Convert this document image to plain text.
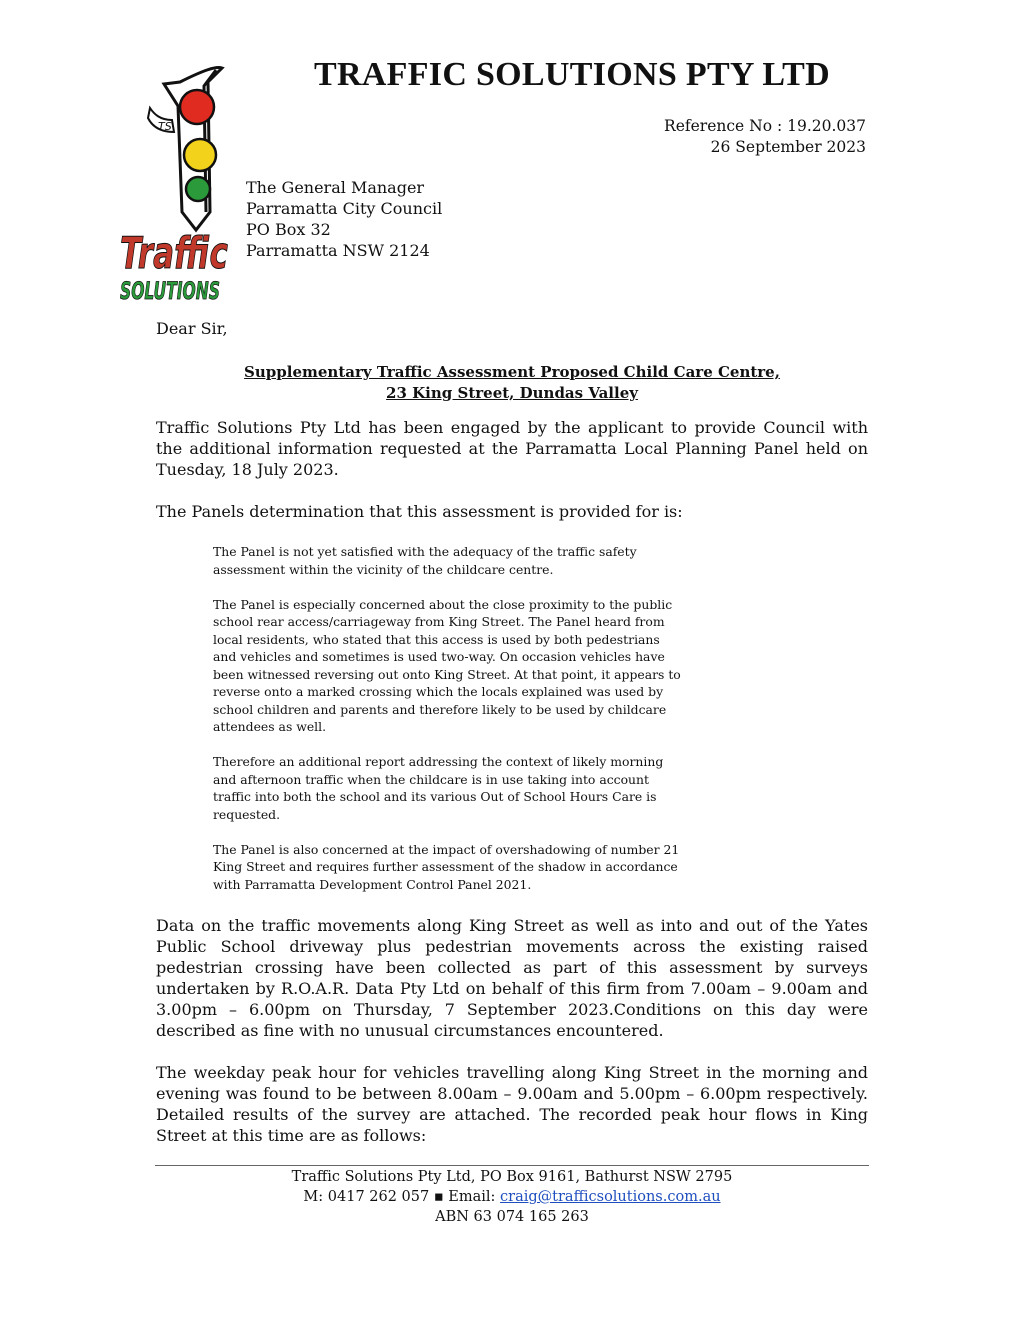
TRAFFIC SOLUTIONS PTY LTD
TS
Traffic
SOLUTIONS
Reference No : 19.20.037
26 September 2023
The General Manager
Parramatta City Council
PO Box 32
Parramatta NSW 2124
Dear Sir,
Supplementary Traffic Assessment Proposed Child Care Centre,
23 King Street, Dundas Valley

Traffic Solutions Pty Ltd has been engaged by the applicant to provide Council with the additional information requested at the Parramatta Local Planning Panel held on Tuesday, 18 July 2023.

The Panels determination that this assessment is provided for is:

The Panel is not yet satisfied with the adequacy of the traffic safety assessment within the vicinity of the childcare centre.

The Panel is especially concerned about the close proximity to the public school rear access/carriageway from King Street. The Panel heard from local residents, who stated that this access is used by both pedestrians and vehicles and sometimes is used two-way. On occasion vehicles have been witnessed reversing out onto King Street. At that point, it appears to reverse onto a marked crossing which the locals explained was used by school children and parents and therefore likely to be used by childcare attendees as well.

Therefore an additional report addressing the context of likely morning and afternoon traffic when the childcare is in use taking into account traffic into both the school and its various Out of School Hours Care is requested.

The Panel is also concerned at the impact of overshadowing of number 21 King Street and requires further assessment of the shadow in accordance with Parramatta Development Control Panel 2021.

Data on the traffic movements along King Street as well as into and out of the Yates Public School driveway plus pedestrian movements across the existing raised pedestrian crossing have been collected as part of this assessment by surveys undertaken by R.O.A.R. Data Pty Ltd on behalf of this firm from 7.00am – 9.00am and 3.00pm – 6.00pm on Thursday, 7 September 2023.Conditions on this day were described as fine with no unusual circumstances encountered.

The weekday peak hour for vehicles travelling along King Street in the morning and evening was found to be between 8.00am – 9.00am and 5.00pm – 6.00pm respectively. Detailed results of the survey are attached. The recorded peak hour flows in King Street at this time are as follows:

Traffic Solutions Pty Ltd, PO Box 9161, Bathurst NSW 2795
M: 0417 262 057 ▪ Email: craig@trafficsolutions.com.au
ABN 63 074 165 263
